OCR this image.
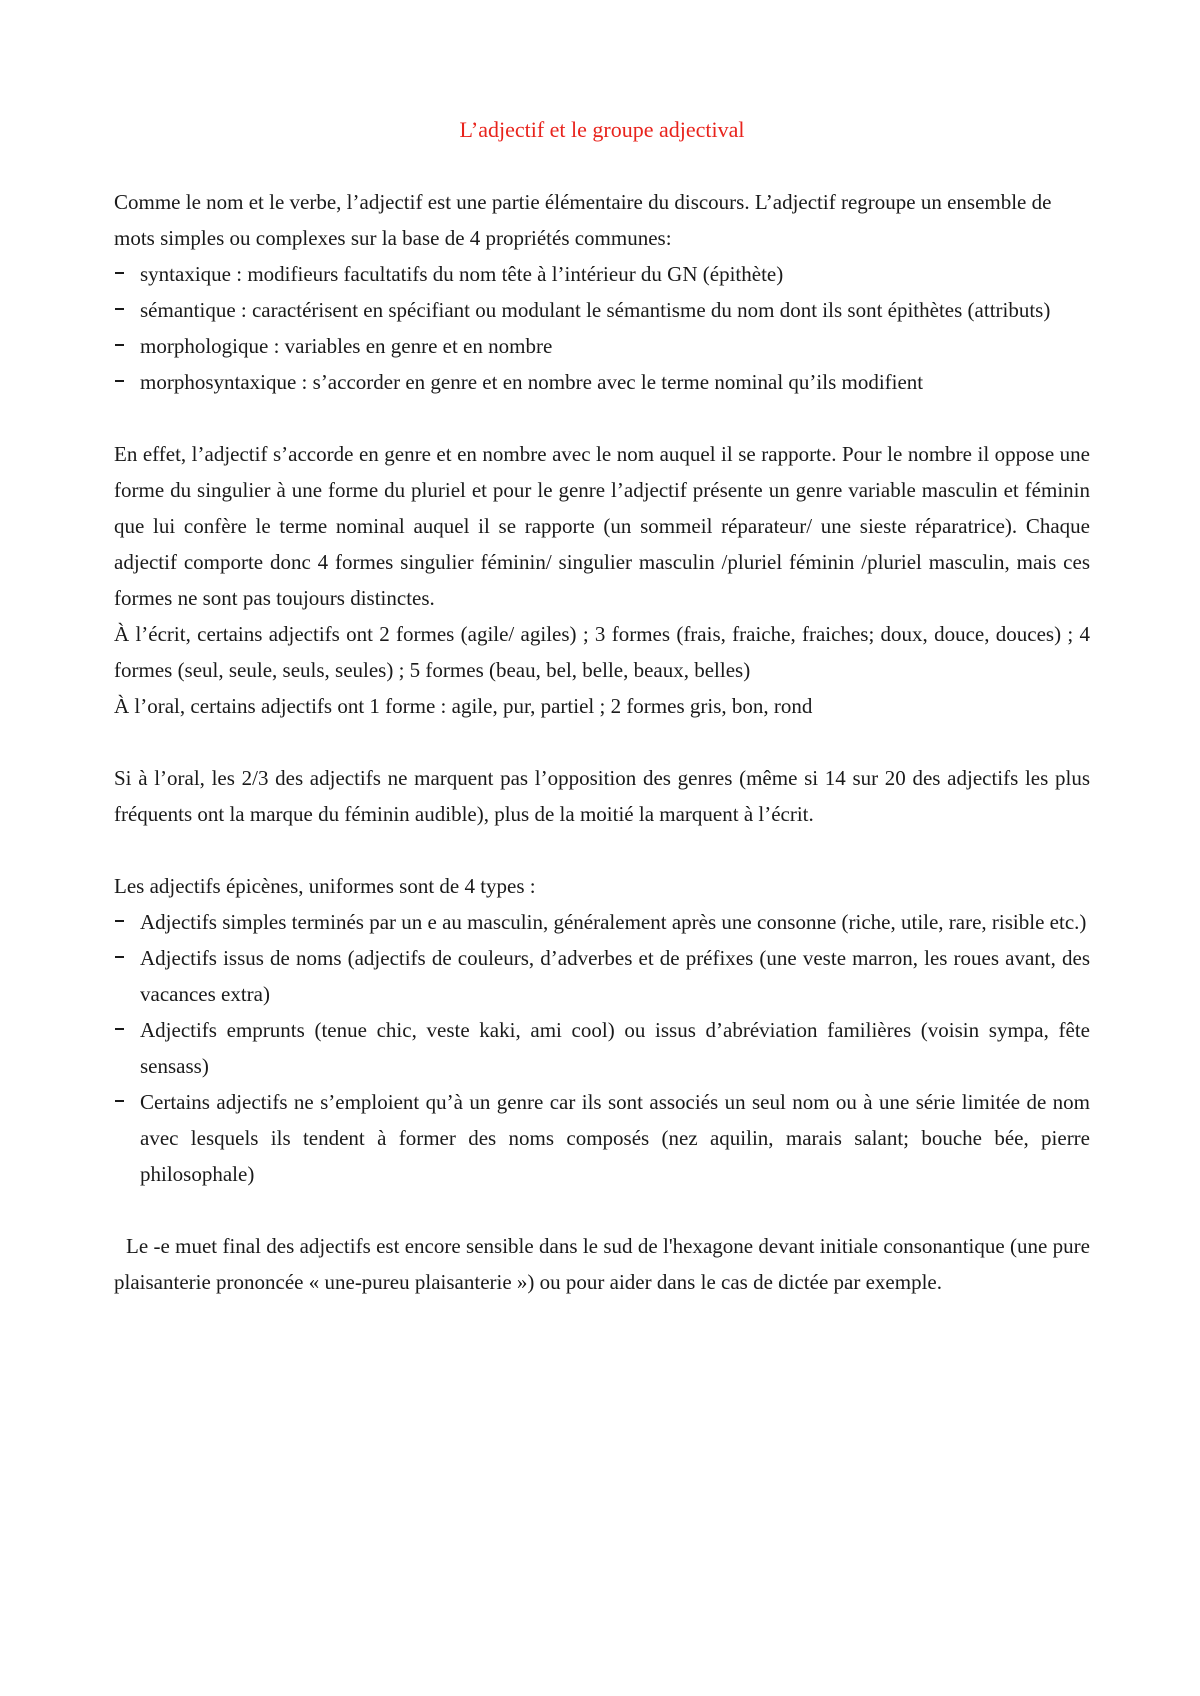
L’adjectif et le groupe adjectival

Comme le nom et le verbe, l’adjectif est une partie élémentaire du discours. L’adjectif regroupe un ensemble de mots simples ou complexes sur la base de 4 propriétés communes:

syntaxique : modifieurs facultatifs du nom tête à l’intérieur du GN (épithète)
sémantique : caractérisent en spécifiant ou modulant le sémantisme du nom dont ils sont épithètes (attributs)
morphologique : variables en genre et en nombre
morphosyntaxique : s’accorder en genre et en nombre avec le terme nominal qu’ils modifient

En effet, l’adjectif s’accorde en genre et en nombre avec le nom auquel il se rapporte. Pour le nombre il oppose une forme du singulier à une forme du pluriel et pour le genre l’adjectif présente un genre variable masculin et féminin que lui confère le terme nominal auquel il se rapporte (un sommeil réparateur/ une sieste réparatrice). Chaque adjectif comporte donc 4 formes singulier féminin/ singulier masculin /pluriel féminin /pluriel masculin, mais ces formes ne sont pas toujours distinctes.

À l’écrit, certains adjectifs ont 2 formes (agile/ agiles) ; 3 formes (frais, fraiche, fraiches; doux, douce, douces) ; 4 formes (seul, seule, seuls, seules) ; 5 formes (beau, bel, belle, beaux, belles)

À l’oral, certains adjectifs ont 1 forme : agile, pur, partiel ; 2 formes gris, bon, rond

Si à l’oral, les 2/3 des adjectifs ne marquent pas l’opposition des genres (même si 14 sur 20 des adjectifs les plus fréquents ont la marque du féminin audible), plus de la moitié la marquent à l’écrit.

Les adjectifs épicènes, uniformes sont de 4 types :

Adjectifs simples terminés par un e au masculin, généralement après une consonne (riche, utile, rare, risible etc.)
Adjectifs issus de noms (adjectifs de couleurs, d’adverbes et de préfixes (une veste marron, les roues avant, des vacances extra)
Adjectifs emprunts (tenue chic, veste kaki, ami cool) ou issus d’abréviation familières (voisin sympa, fête sensass)
Certains adjectifs ne s’emploient qu’à un genre car ils sont associés un seul nom ou à une série limitée de nom avec lesquels ils tendent à former des noms composés (nez aquilin, marais salant; bouche bée, pierre philosophale)

Le -e muet final des adjectifs est encore sensible dans le sud de l'hexagone devant initiale consonantique (une pure plaisanterie prononcée « une-pureu plaisanterie ») ou pour aider dans le cas de dictée par exemple.
